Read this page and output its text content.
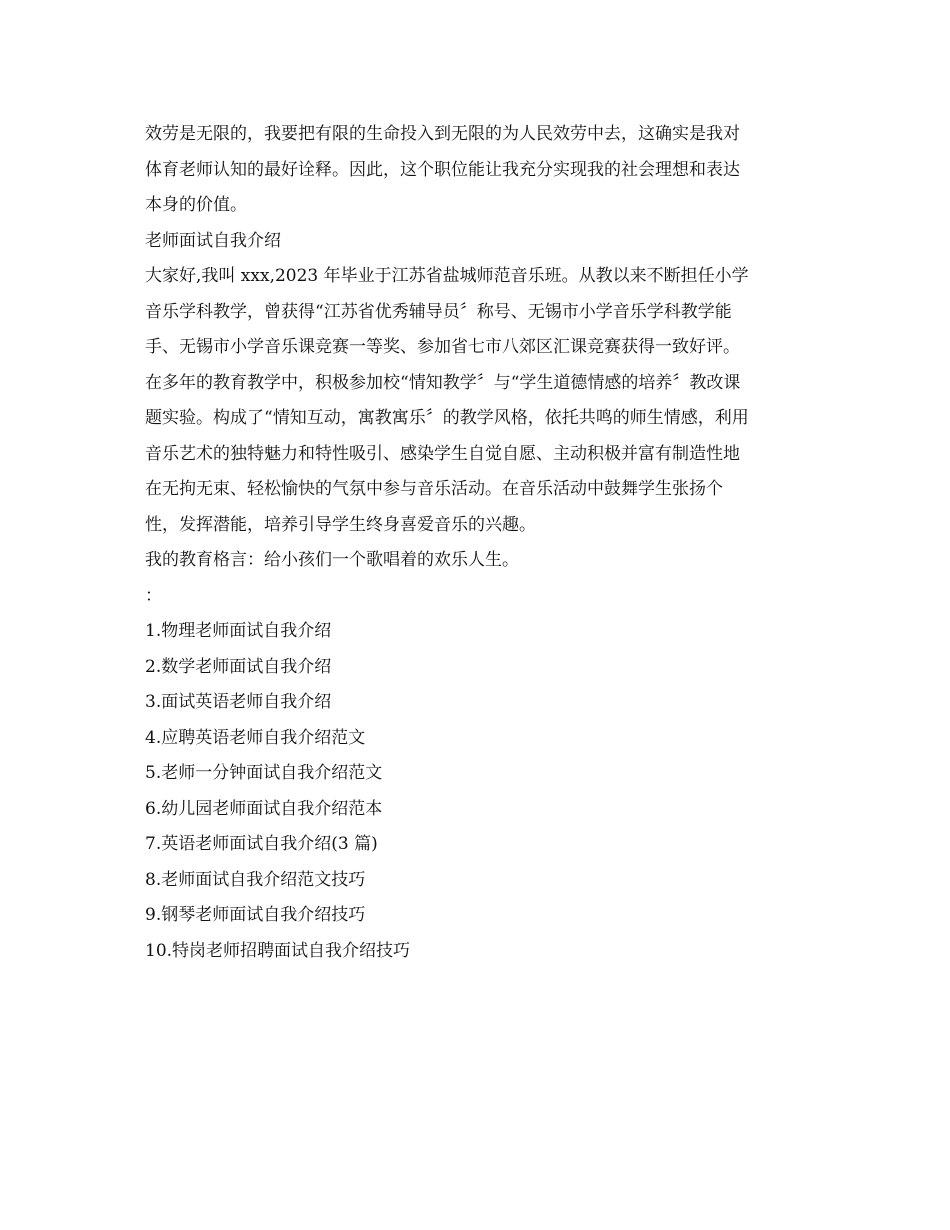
效劳是无限的，我要把有限的生命投入到无限的为人民效劳中去，这确实是我对
体育老师认知的最好诠释。因此，这个职位能让我充分实现我的社会理想和表达
本身的价值。
老师面试自我介绍
大家好,我叫 xxx,2023 年毕业于江苏省盐城师范音乐班。从教以来不断担任小学
音乐学科教学，曾获得“江苏省优秀辅导员〞称号、无锡市小学音乐学科教学能
手、无锡市小学音乐课竞赛一等奖、参加省七市八郊区汇课竞赛获得一致好评。
在多年的教育教学中，积极参加校“情知教学〞与“学生道德情感的培养〞教改课
题实验。构成了“情知互动，寓教寓乐〞的教学风格，依托共鸣的师生情感，利用
音乐艺术的独特魅力和特性吸引、感染学生自觉自愿、主动积极并富有制造性地
在无拘无束、轻松愉快的气氛中参与音乐活动。在音乐活动中鼓舞学生张扬个
性，发挥潜能，培养引导学生终身喜爱音乐的兴趣。
我的教育格言：给小孩们一个歌唱着的欢乐人生。
：
1.物理老师面试自我介绍
2.数学老师面试自我介绍
3.面试英语老师自我介绍
4.应聘英语老师自我介绍范文
5.老师一分钟面试自我介绍范文
6.幼儿园老师面试自我介绍范本
7.英语老师面试自我介绍(3 篇)
8.老师面试自我介绍范文技巧
9.钢琴老师面试自我介绍技巧
10.特岗老师招聘面试自我介绍技巧
